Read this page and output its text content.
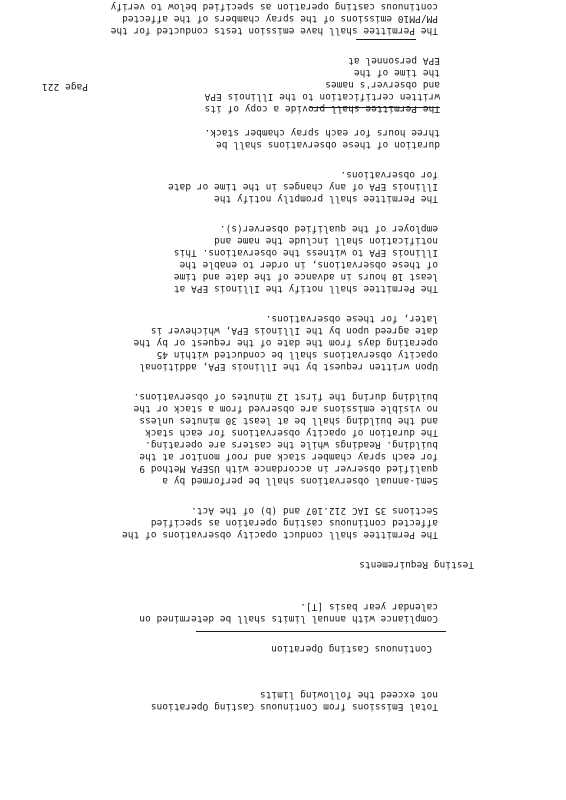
Page 221
Total Emissions from Continuous Casting Operations
not exceed the following limits
Continuous Casting Operation
Compliance with annual limits shall be determined on
calendar year basis [T].
Testing Requirements
The Permittee shall conduct opacity observations of the
affected continuous casting operation as specified
Sections 35 IAC 212.107 and (b) of the Act.
Semi-annual observations shall be performed by a
qualified observer in accordance with USEPA Method 9
for each spray chamber stack and roof monitor at the
building. Readings while the casters are operating.
The duration of opacity observations for each stack
and the building shall be at least 30 minutes unless
no visible emissions are observed from a stack or the
building during the first 12 minutes of observations.
Upon written request by the Illinois EPA, additional
opacity observations shall be conducted within 45
operating days from the date of the request or by the
date agreed upon by the Illinois EPA, whichever is
later, for these observations.
The Permittee shall notify the Illinois EPA at
least 10 hours in advance of the date and time
of these observations, in order to enable the
Illinois EPA to witness the observations. This
notification shall include the name and
employer of the qualified observer(s).
The Permittee shall promptly notify the
Illinois EPA of any changes in the time or date
for observations.
duration of these observations shall be
three hours for each spray chamber stack.
The Permittee shall provide a copy of its
written certification to the Illinois EPA
and observer's names
the time of the
EPA personnel at
The Permittee shall have emission tests conducted for the
PM/PM10 emissions of the spray chambers of the affected
continuous casting operation as specified below to verify
